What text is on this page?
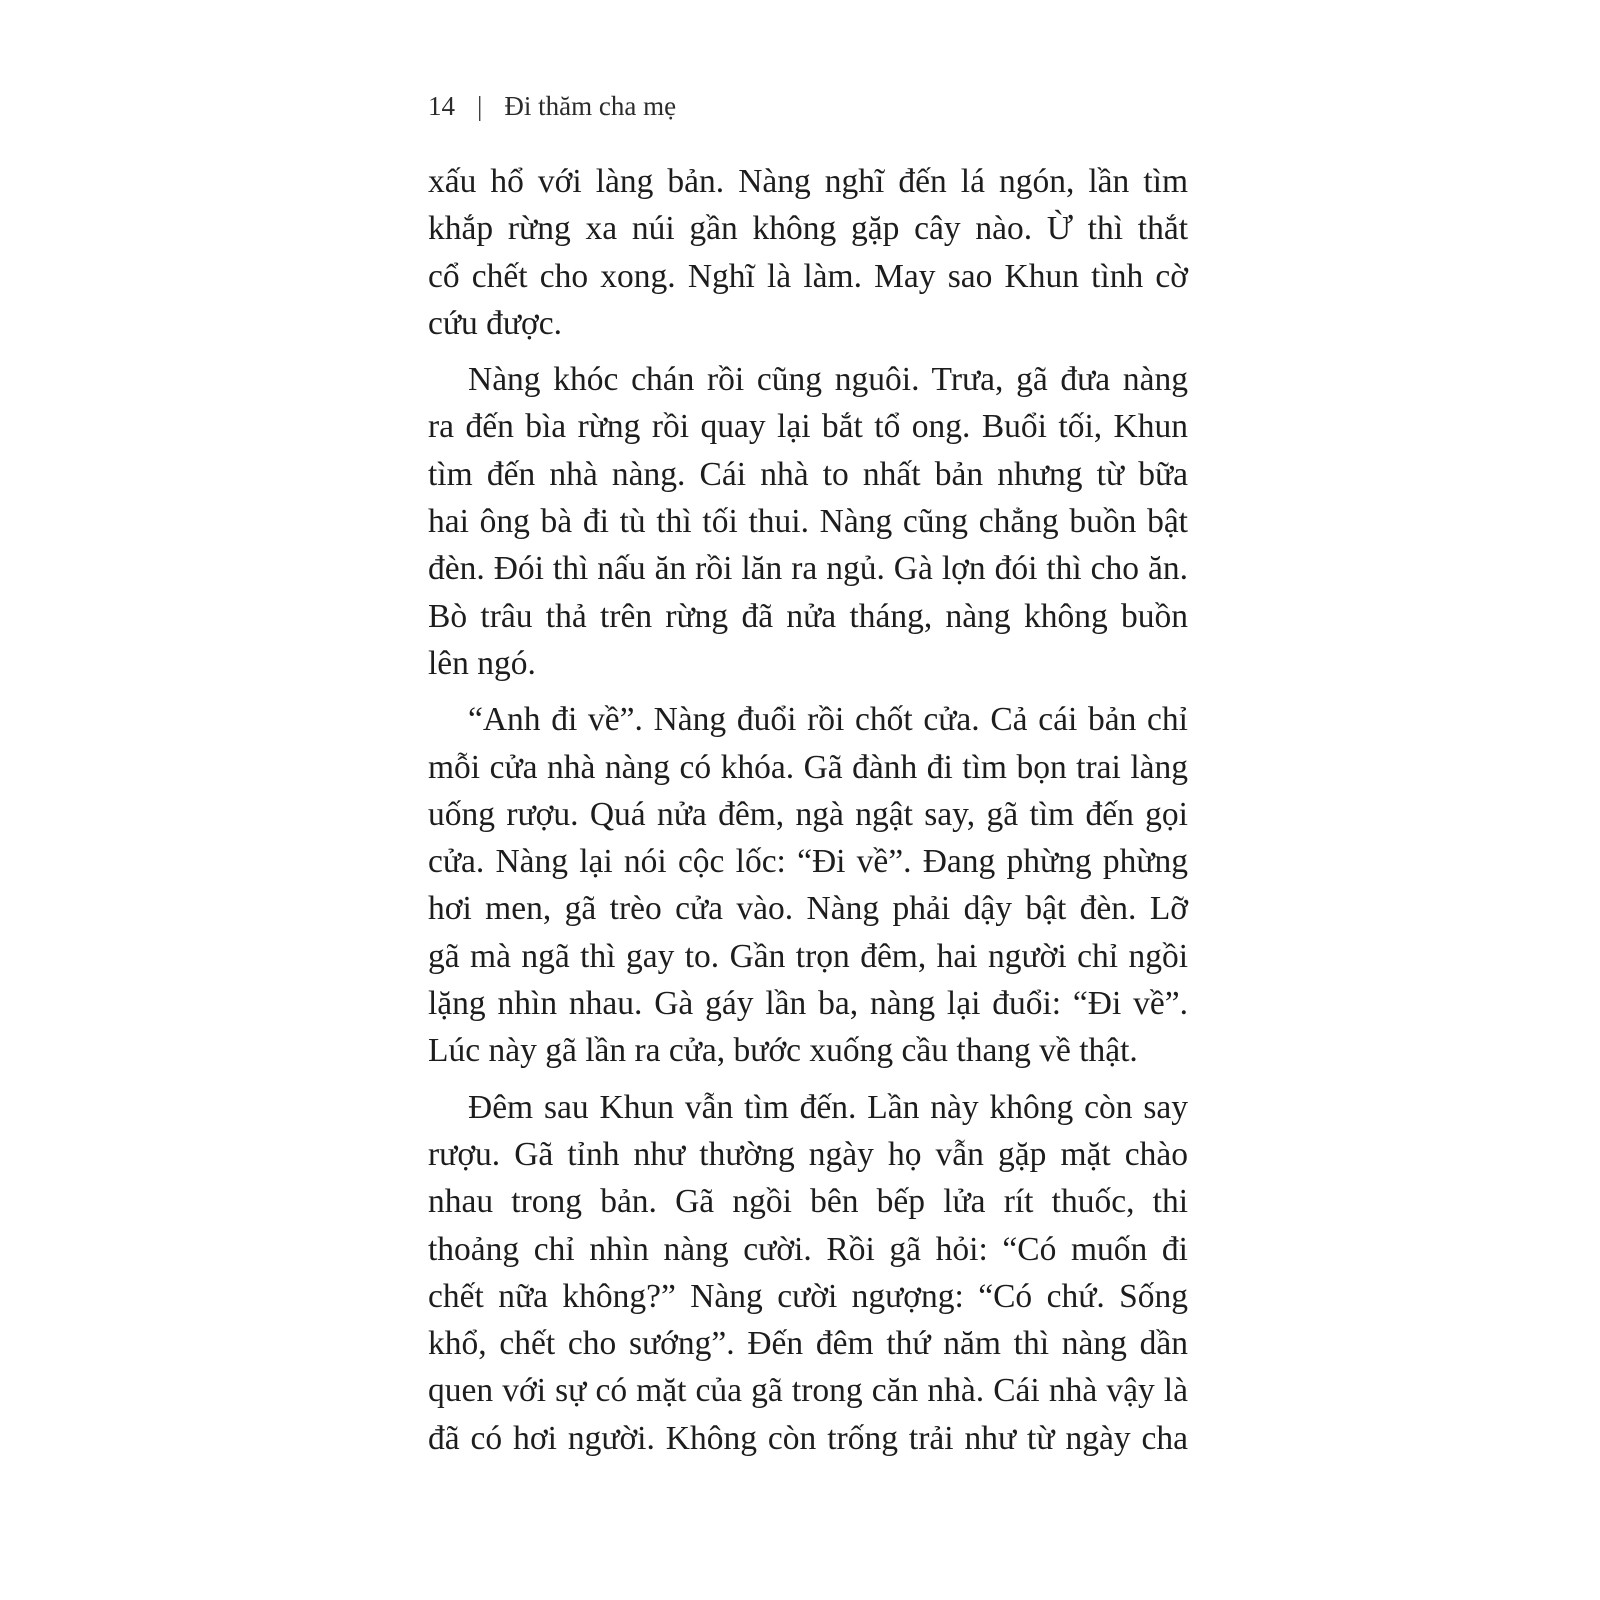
14 | Đi thăm cha mẹ
xấu hổ với làng bản. Nàng nghĩ đến lá ngón, lần tìm
khắp rừng xa núi gần không gặp cây nào. Ừ thì thắt
cổ chết cho xong. Nghĩ là làm. May sao Khun tình cờ
cứu được.
Nàng khóc chán rồi cũng nguôi. Trưa, gã đưa nàng
ra đến bìa rừng rồi quay lại bắt tổ ong. Buổi tối, Khun
tìm đến nhà nàng. Cái nhà to nhất bản nhưng từ bữa
hai ông bà đi tù thì tối thui. Nàng cũng chẳng buồn bật
đèn. Đói thì nấu ăn rồi lăn ra ngủ. Gà lợn đói thì cho ăn.
Bò trâu thả trên rừng đã nửa tháng, nàng không buồn
lên ngó.
“Anh đi về”. Nàng đuổi rồi chốt cửa. Cả cái bản chỉ
mỗi cửa nhà nàng có khóa. Gã đành đi tìm bọn trai làng
uống rượu. Quá nửa đêm, ngà ngật say, gã tìm đến gọi
cửa. Nàng lại nói cộc lốc: “Đi về”. Đang phừng phừng
hơi men, gã trèo cửa vào. Nàng phải dậy bật đèn. Lỡ
gã mà ngã thì gay to. Gần trọn đêm, hai người chỉ ngồi
lặng nhìn nhau. Gà gáy lần ba, nàng lại đuổi: “Đi về”.
Lúc này gã lần ra cửa, bước xuống cầu thang về thật.
Đêm sau Khun vẫn tìm đến. Lần này không còn say
rượu. Gã tỉnh như thường ngày họ vẫn gặp mặt chào
nhau trong bản. Gã ngồi bên bếp lửa rít thuốc, thi
thoảng chỉ nhìn nàng cười. Rồi gã hỏi: “Có muốn đi
chết nữa không?” Nàng cười ngượng: “Có chứ. Sống
khổ, chết cho sướng”. Đến đêm thứ năm thì nàng dần
quen với sự có mặt của gã trong căn nhà. Cái nhà vậy là
đã có hơi người. Không còn trống trải như từ ngày cha
